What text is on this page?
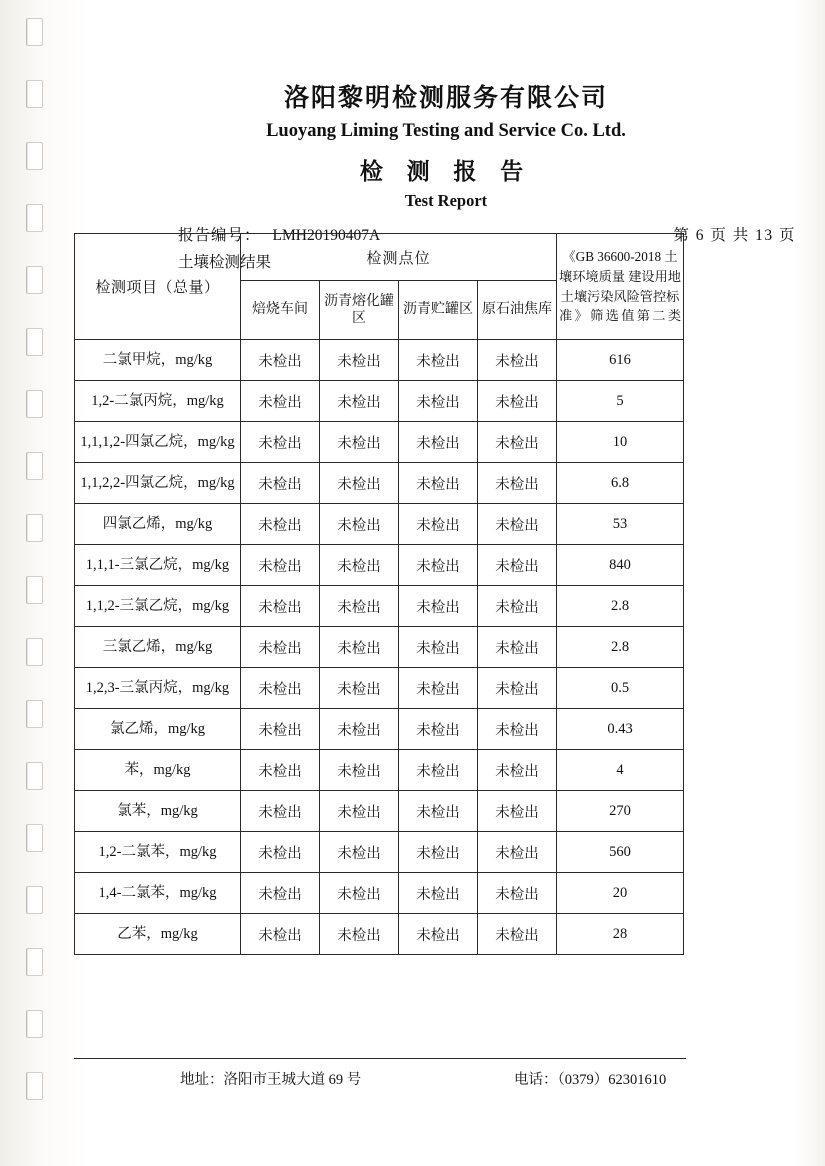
洛阳黎明检测服务有限公司
Luoyang Liming Testing and Service Co. Ltd.
检 测 报 告
Test Report
报告编号： LMH20190407A	第 6 页 共 13 页
土壤检测结果
检测项目（总量）	检测点位				《GB 36600-2018 土壤环境质量 建设用地土壤污染风险管控标准》筛选值第二类
	焙烧车间	沥青熔化罐区	沥青贮罐区	原石油焦库	
二氯甲烷，mg/kg	未检出	未检出	未检出	未检出	616
1,2-二氯丙烷，mg/kg	未检出	未检出	未检出	未检出	5
1,1,1,2-四氯乙烷，mg/kg	未检出	未检出	未检出	未检出	10
1,1,2,2-四氯乙烷，mg/kg	未检出	未检出	未检出	未检出	6.8
四氯乙烯，mg/kg	未检出	未检出	未检出	未检出	53
1,1,1-三氯乙烷，mg/kg	未检出	未检出	未检出	未检出	840
1,1,2-三氯乙烷，mg/kg	未检出	未检出	未检出	未检出	2.8
三氯乙烯，mg/kg	未检出	未检出	未检出	未检出	2.8
1,2,3-三氯丙烷，mg/kg	未检出	未检出	未检出	未检出	0.5
氯乙烯，mg/kg	未检出	未检出	未检出	未检出	0.43
苯，mg/kg	未检出	未检出	未检出	未检出	4
氯苯，mg/kg	未检出	未检出	未检出	未检出	270
1,2-二氯苯，mg/kg	未检出	未检出	未检出	未检出	560
1,4-二氯苯，mg/kg	未检出	未检出	未检出	未检出	20
乙苯，mg/kg	未检出	未检出	未检出	未检出	28
地址：洛阳市王城大道 69 号	电话：（0379）62301610
